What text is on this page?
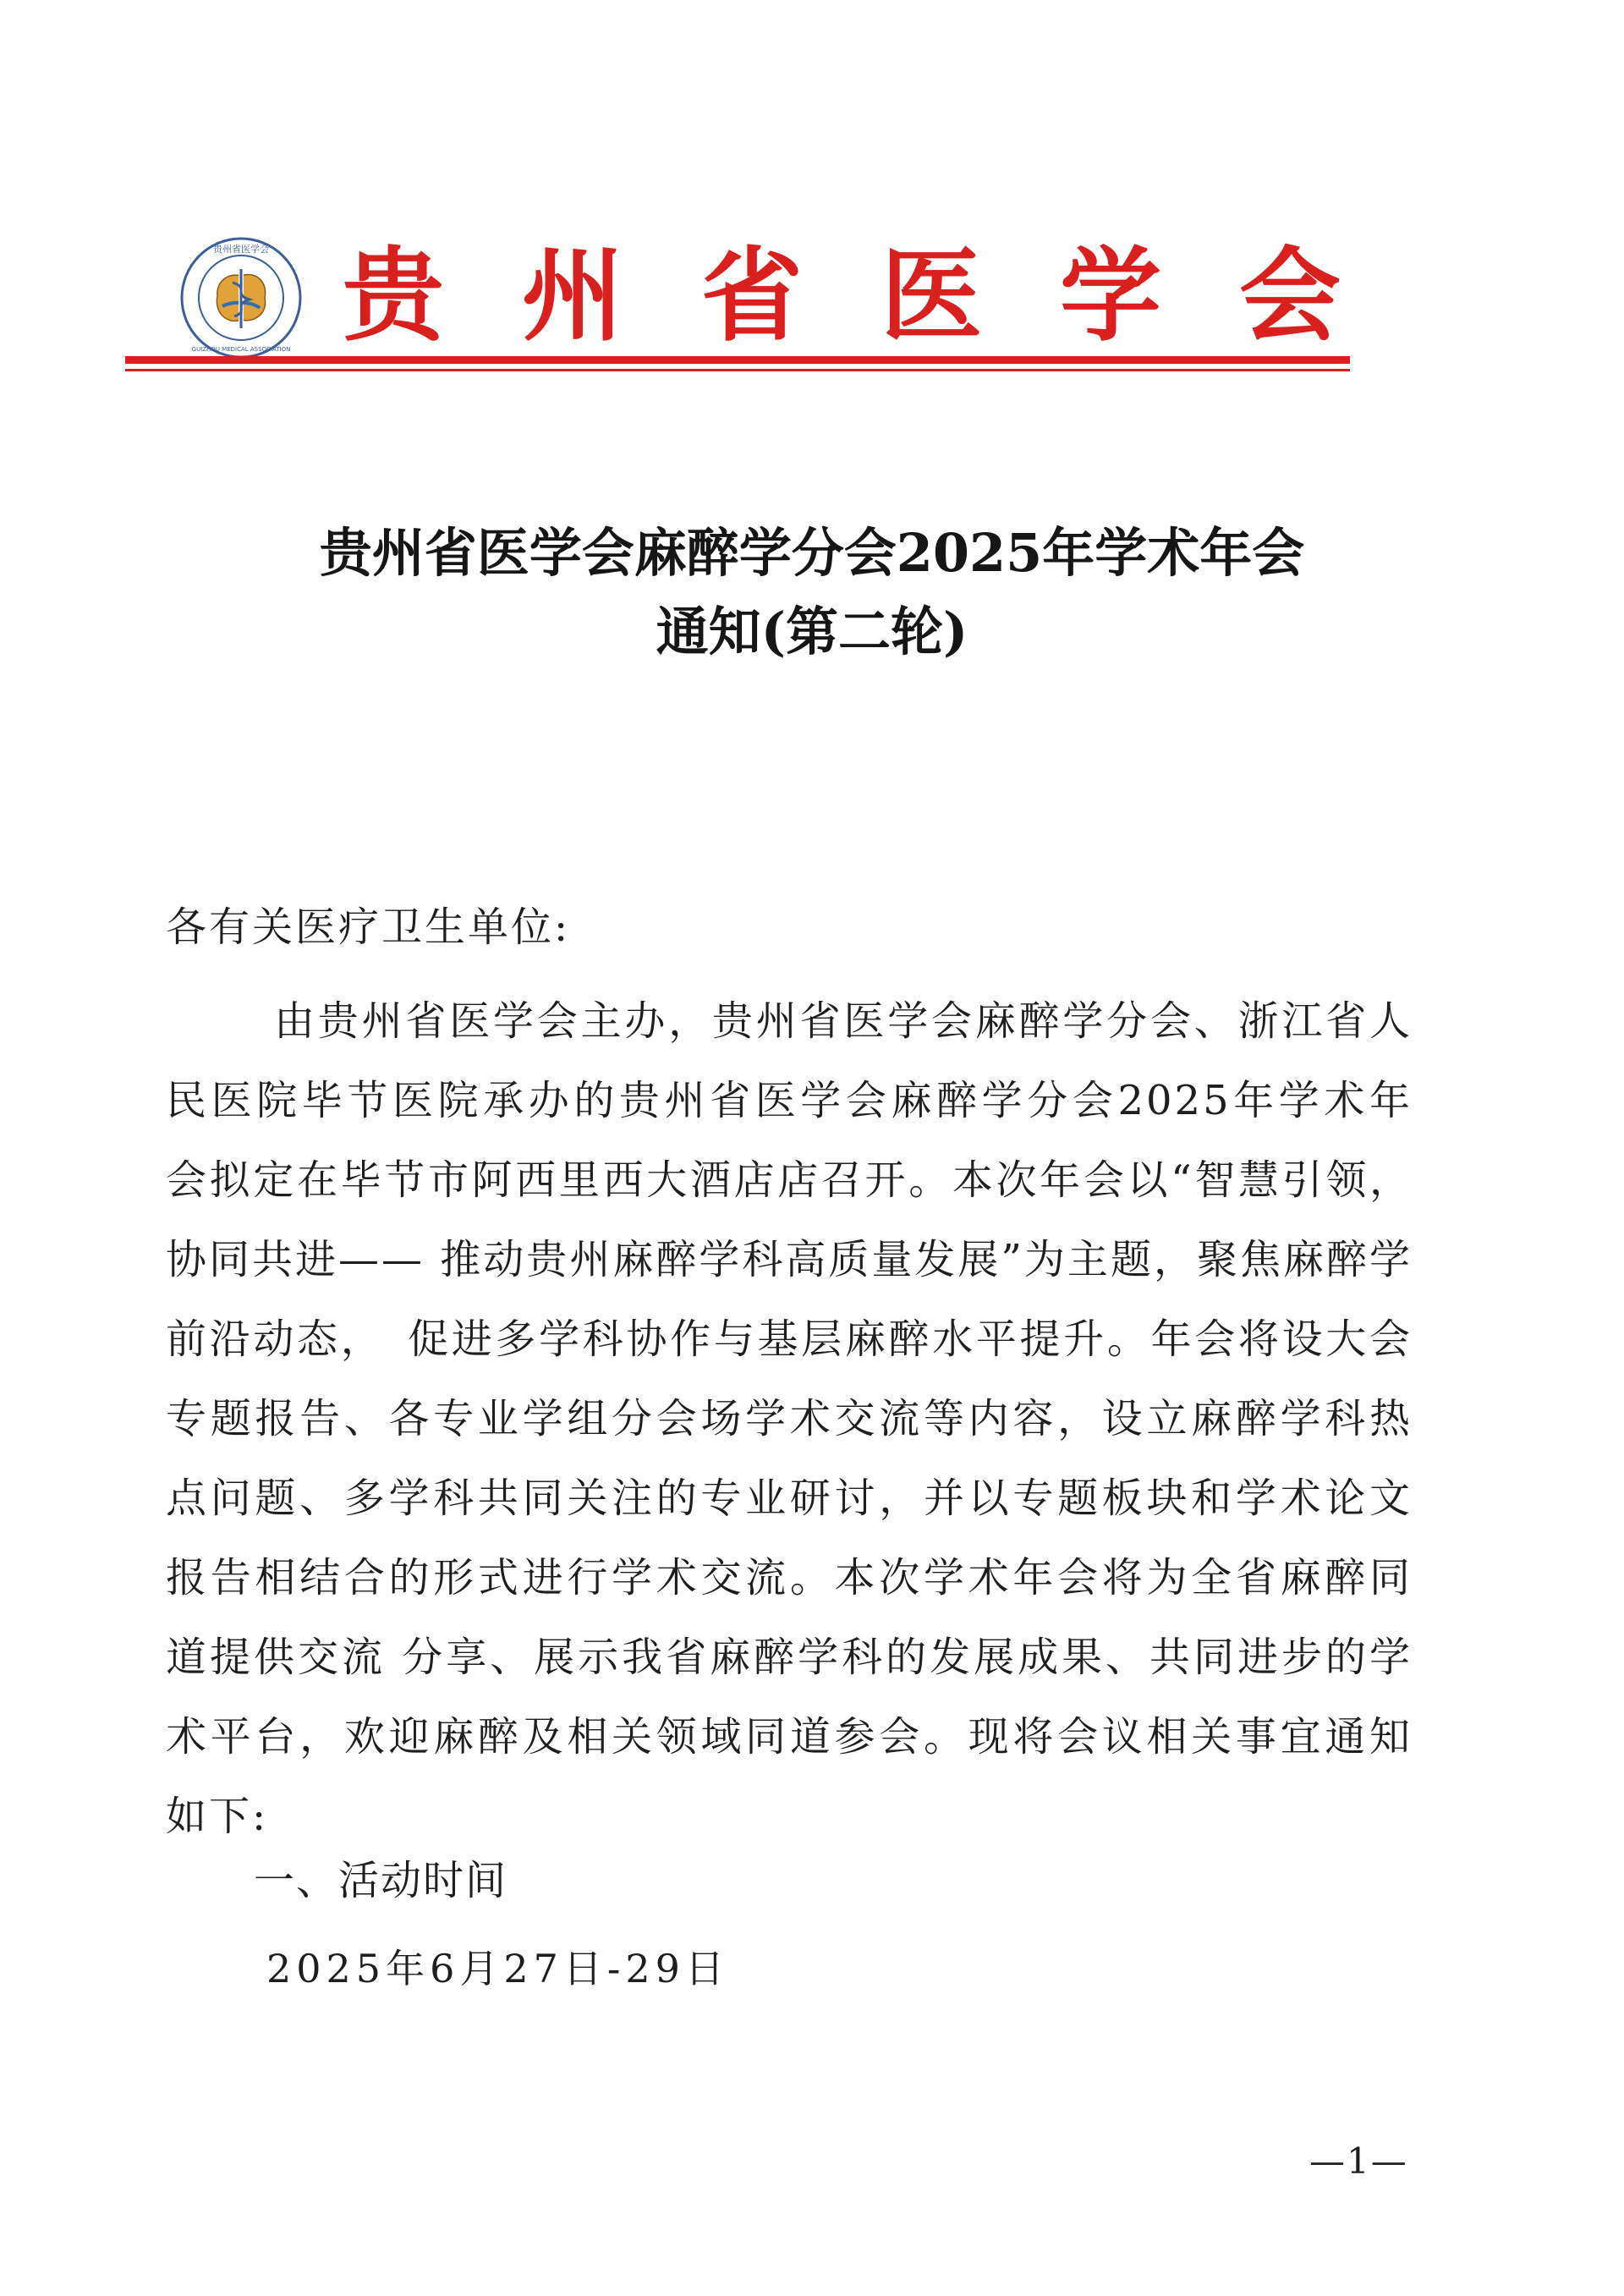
贵州省医学会
GUIZHOU MEDICAL ASSOCIATION 贵 州 省 医 学 会
贵州省医学会麻醉学分会2025年学术年会
通知(第二轮)
各有关医疗卫生单位:

由贵州省医学会主办，贵州省医学会麻醉学分会、浙江省人民医院毕节医院承办的贵州省医学会麻醉学分会2025年学术年　会拟定在毕节市阿西里西大酒店店召开。本次年会以“智慧引领，协同共进—— 推动贵州麻醉学科高质量发展”为主题，聚焦麻醉学前沿动态，　促进多学科协作与基层麻醉水平提升。年会将设大会专题报告、各专业学组分会场学术交流等内容，设立麻醉学科热点问题、多学科共同关注的专业研讨，并以专题板块和学术论文报告相结合的形式进行学术交流。本次学术年会将为全省麻醉同道提供交流 分享、展示我省麻醉学科的发展成果、共同进步的学术平台，欢迎麻醉及相关领域同道参会。现将会议相关事宜通知如下:

一、活动时间
2025年6月27日-29日
—1—
